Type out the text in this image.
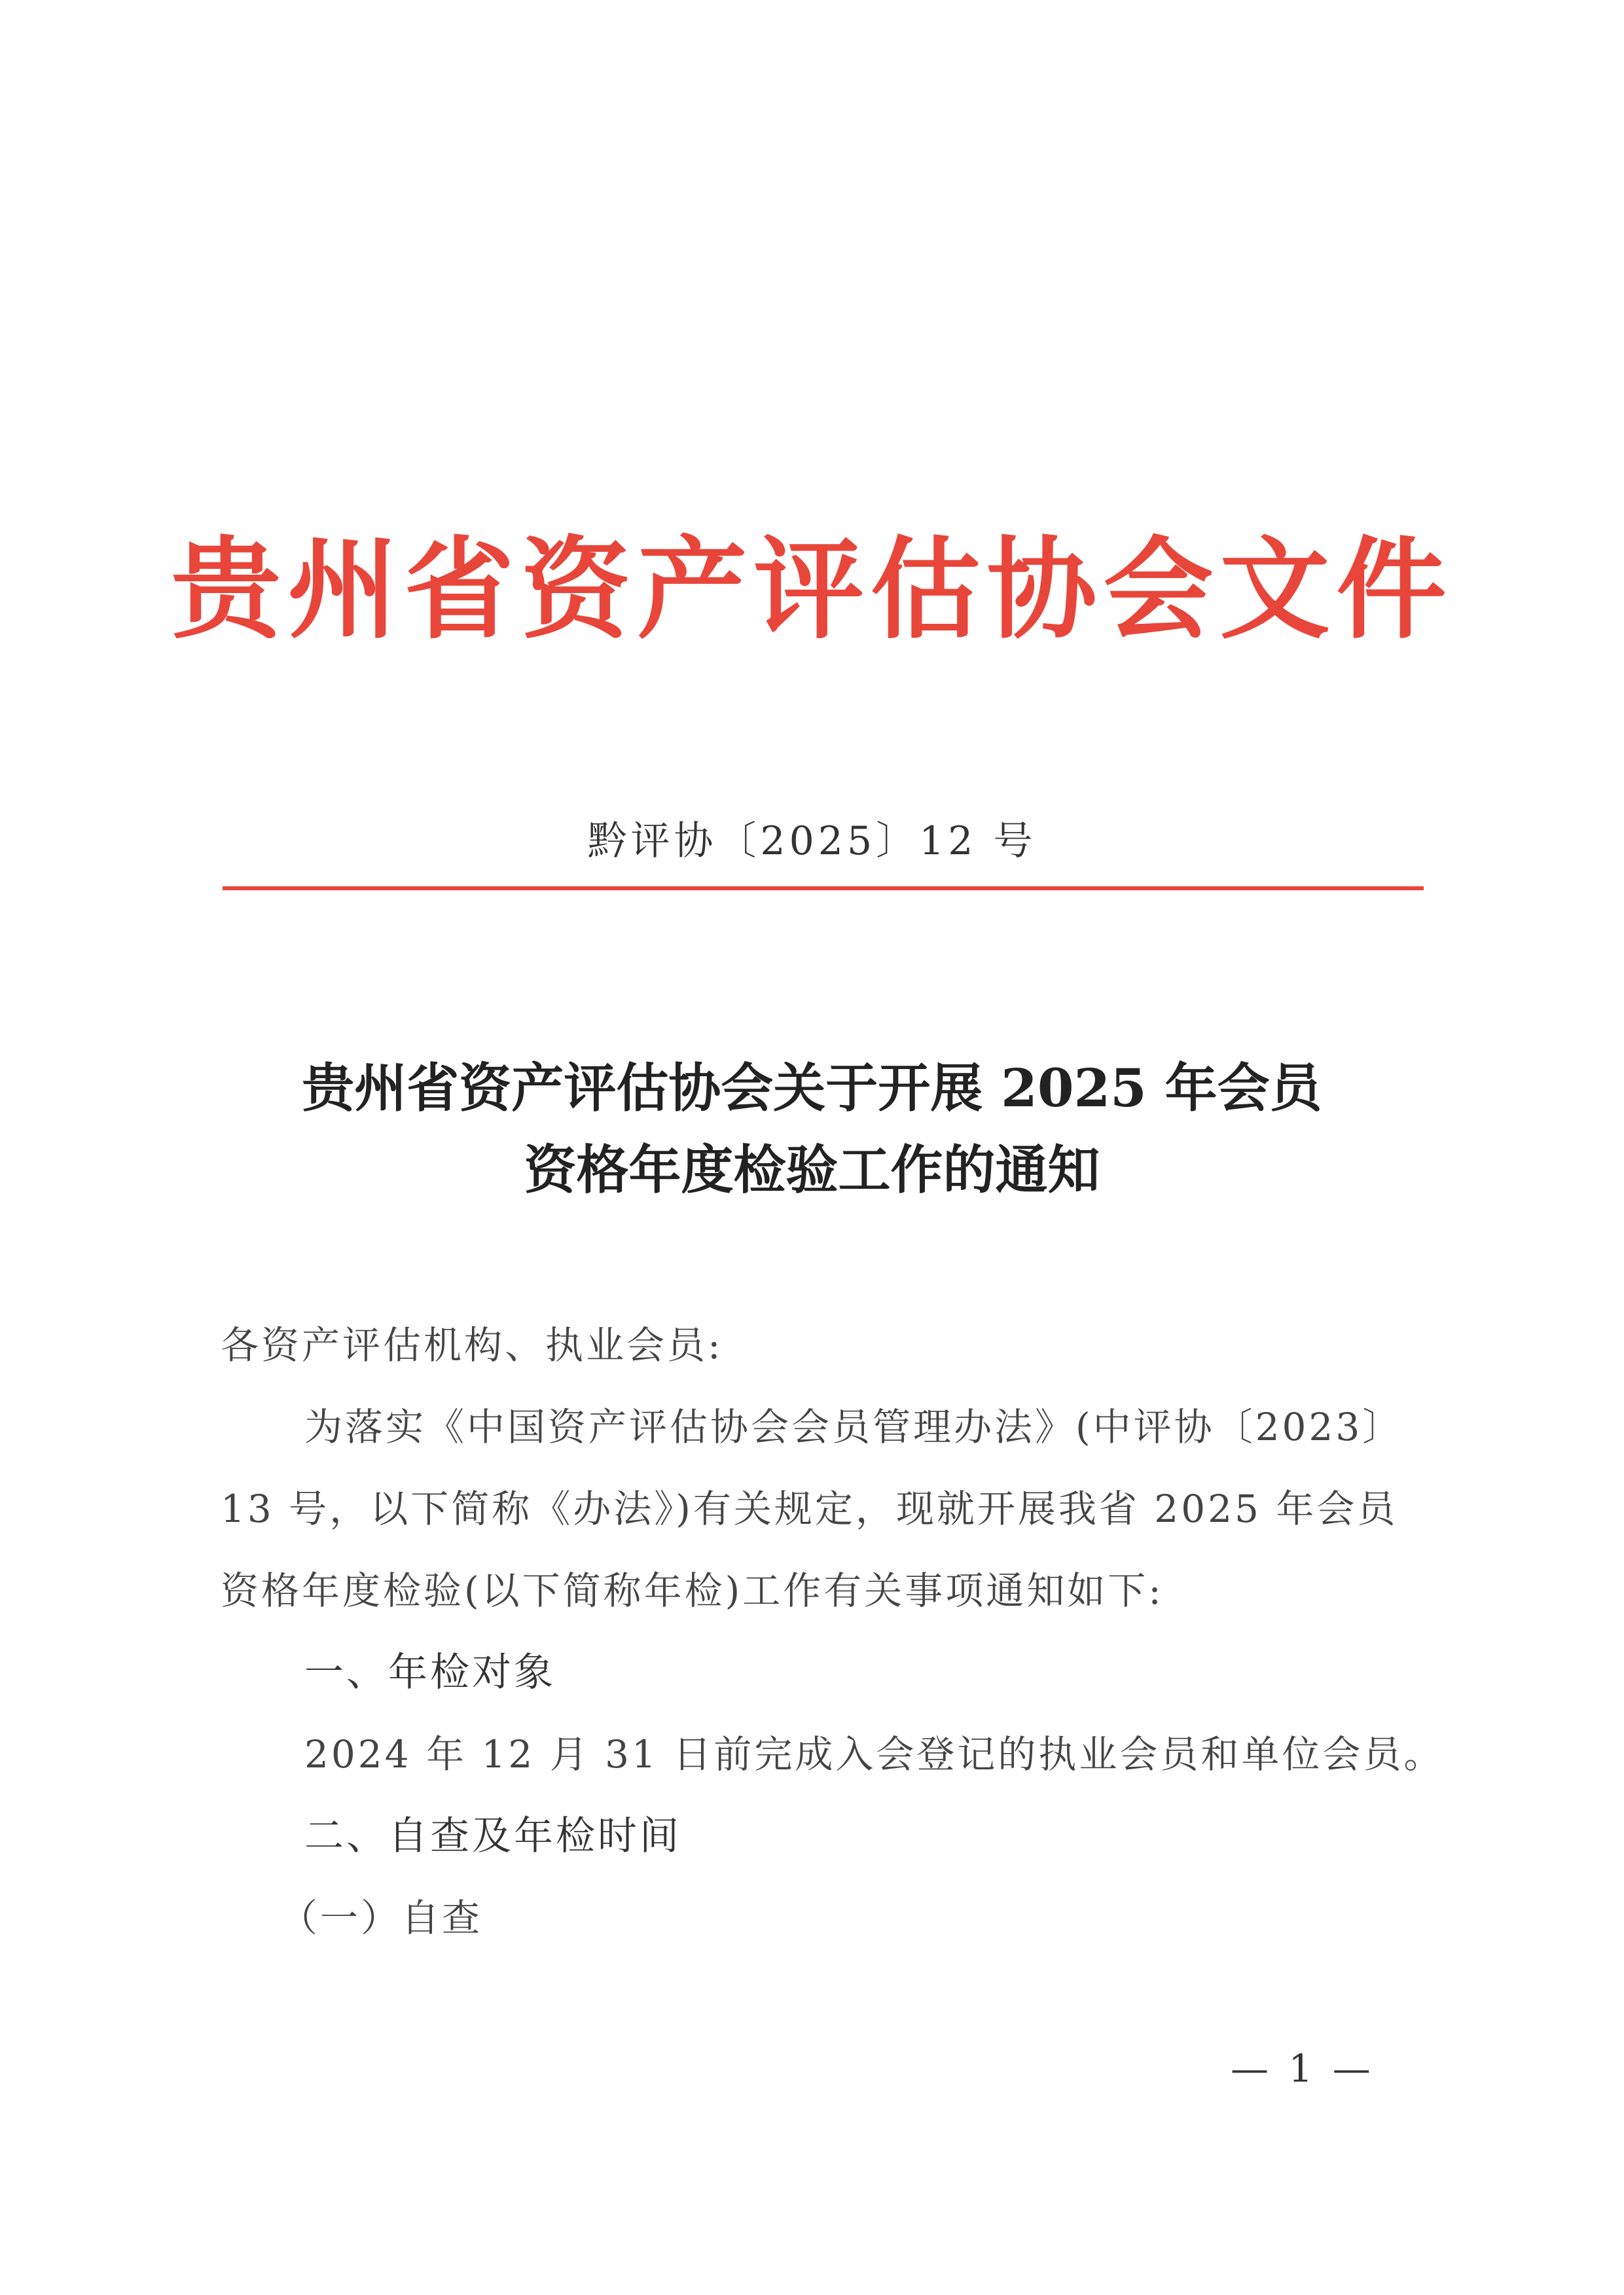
贵州省资产评估协会文件
黔评协〔2025〕12 号
贵州省资产评估协会关于开展 2025 年会员
资格年度检验工作的通知

各资产评估机构、执业会员:

为落实《中国资产评估协会会员管理办法》(中评协〔2023〕

13 号，以下简称《办法》)有关规定，现就开展我省 2025 年会员

资格年度检验(以下简称年检)工作有关事项通知如下:

一、年检对象

2024 年 12 月 31 日前完成入会登记的执业会员和单位会员。

二、自查及年检时间

（一）自查

— 1 —
